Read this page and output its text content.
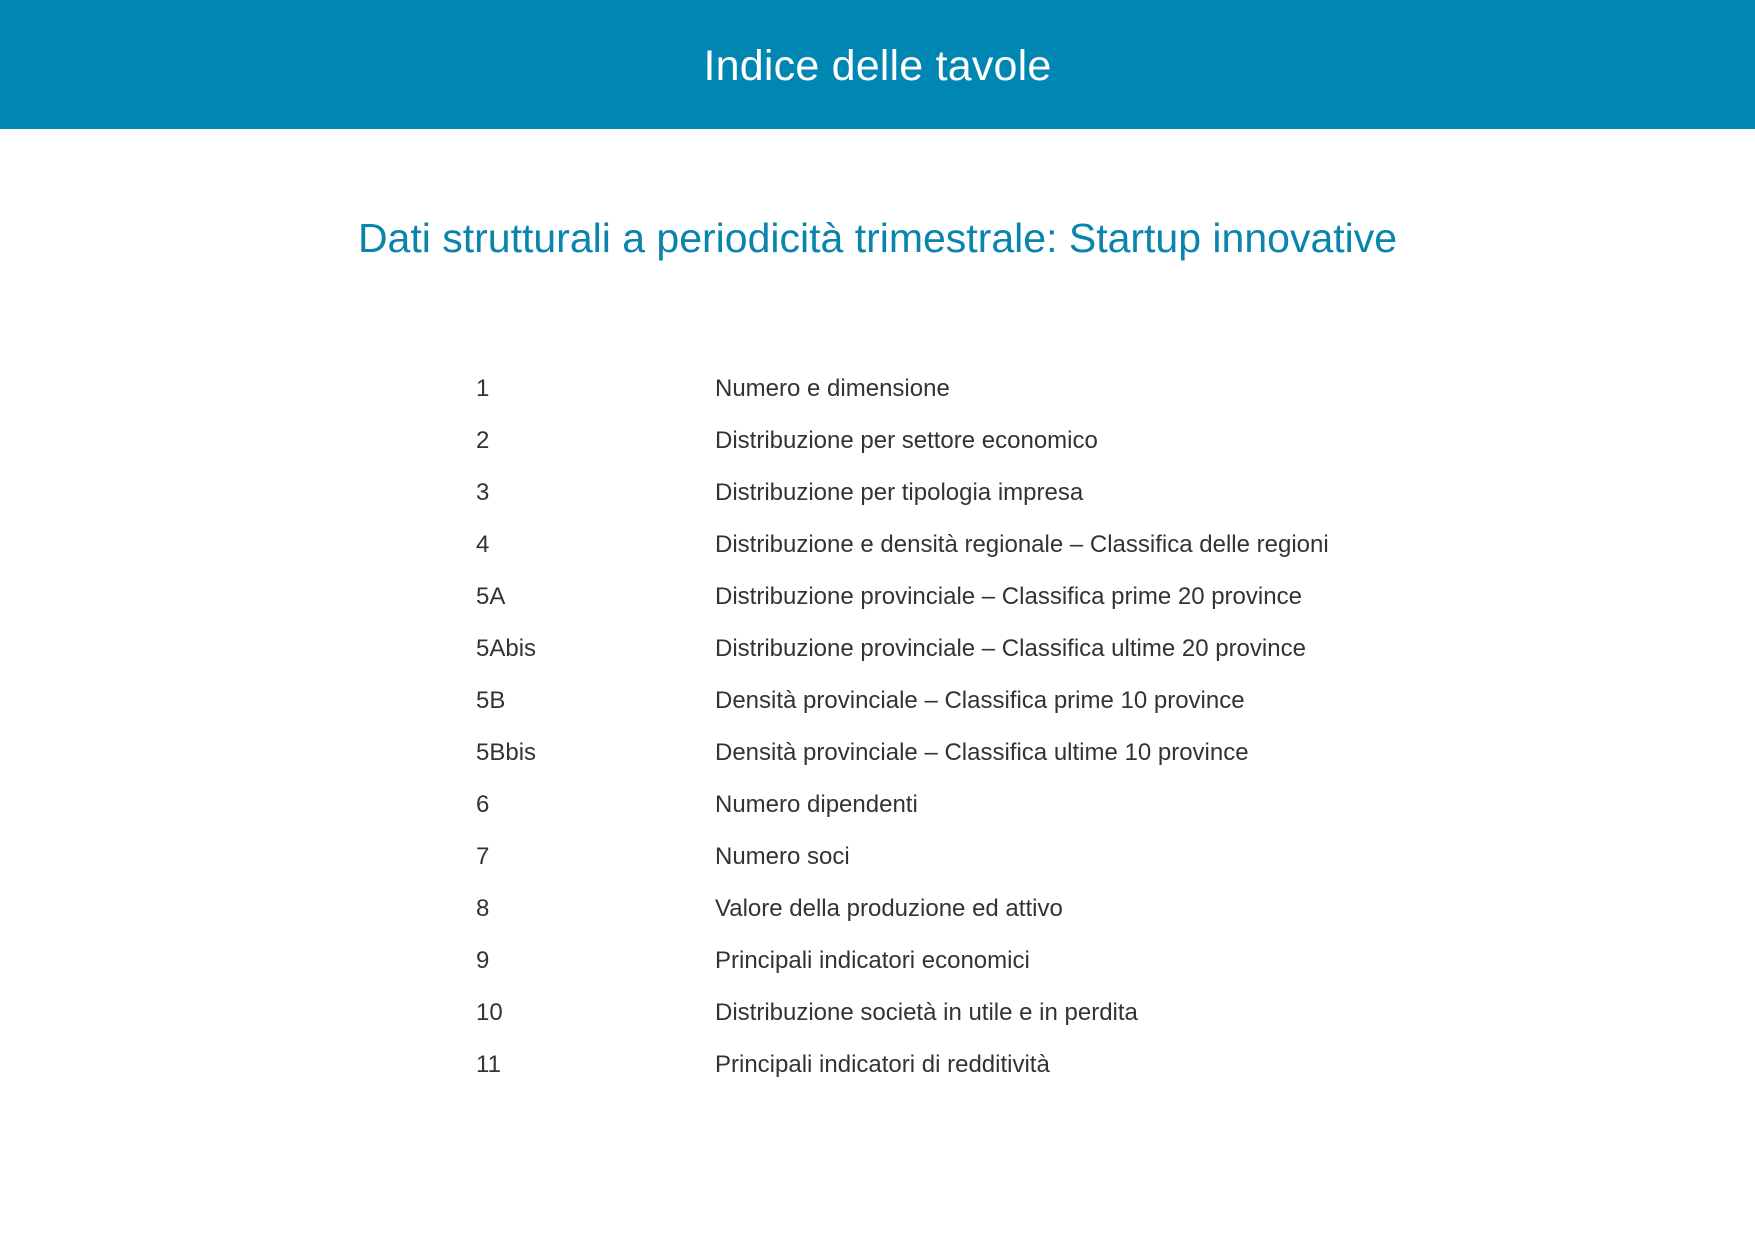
Indice delle tavole
Dati strutturali a periodicità trimestrale: Startup innovative
1	Numero e dimensione
2	Distribuzione per settore economico
3	Distribuzione per tipologia impresa
4	Distribuzione e densità regionale – Classifica delle regioni
5A	Distribuzione provinciale – Classifica prime 20 province
5Abis	Distribuzione provinciale – Classifica ultime 20 province
5B	Densità provinciale – Classifica prime 10 province
5Bbis	Densità provinciale – Classifica ultime 10 province
6	Numero dipendenti
7	Numero soci
8	Valore della produzione ed attivo
9	Principali indicatori economici
10	Distribuzione società in utile e in perdita
11	Principali indicatori di redditività
